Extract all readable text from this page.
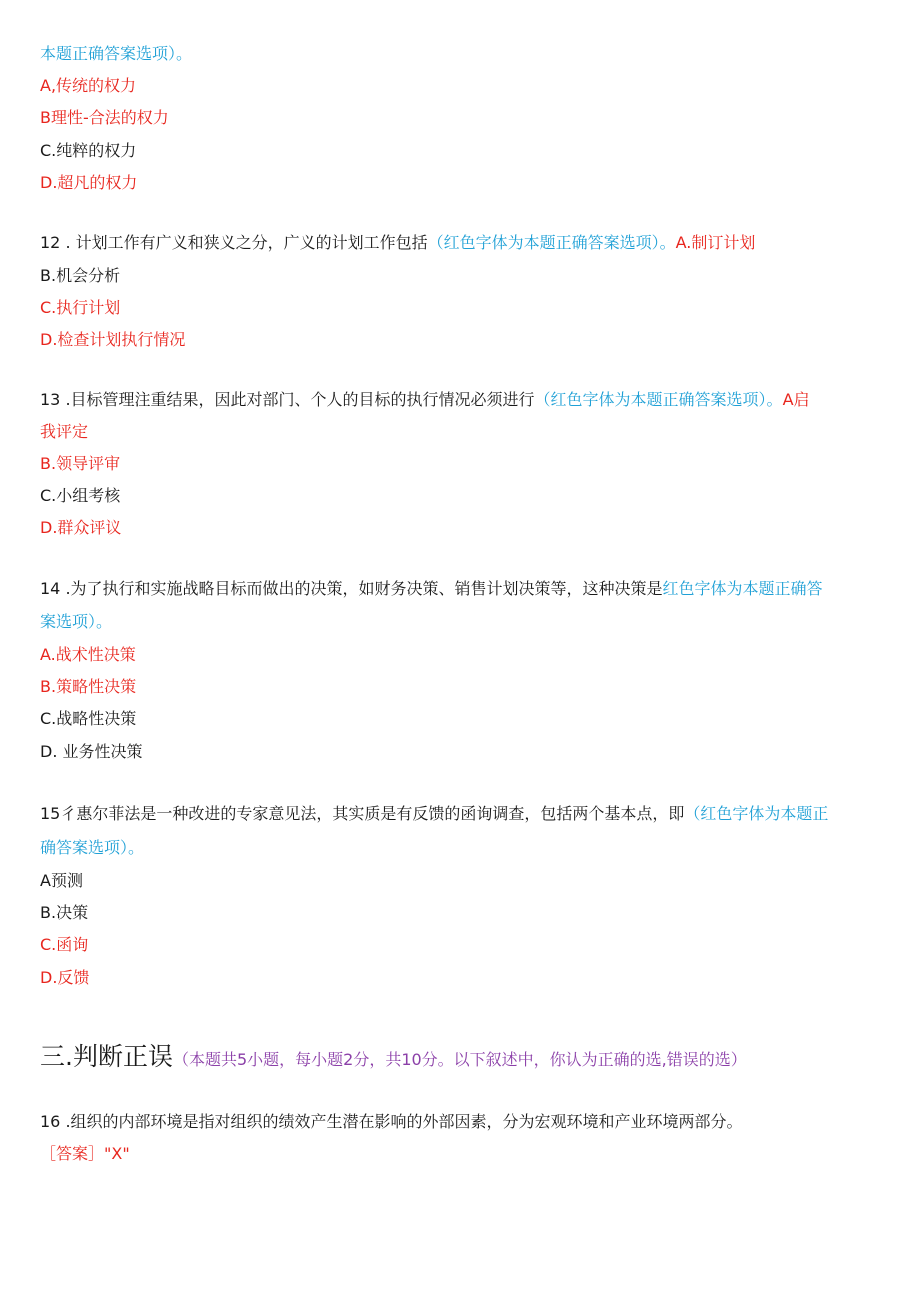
本题正确答案选项）。
A,传统的权力
B理性-合法的权力
C.纯粹的权力
D.超凡的权力
12 . 计划工作有广义和狭义之分，广义的计划工作包括（红色字体为本题正确答案选项）。A.制订计划
B.机会分析
C.执行计划
D.检查计划执行情况
13 .目标管理注重结果，因此对部门、个人的目标的执行情况必须进行（红色字体为本题正确答案选项）。A启
我评定
B.领导评审
C.小组考核
D.群众评议
14 .为了执行和实施战略目标而做出的决策，如财务决策、销售计划决策等，这种决策是红色字体为本题正确答
案选项）。
A.战术性决策
B.策略性决策
C.战略性决策
D. 业务性决策
15彳惠尔菲法是一种改进的专家意见法，其实质是有反馈的函询调查，包括两个基本点，即（红色字体为本题正
确答案选项）。
A预测
B.决策
C.函询
D.反馈
三.判断正误（本题共5小题，每小题2分，共10分。以下叙述中，你认为正确的选,错误的选）
16 .组织的内部环境是指对组织的绩效产生潜在影响的外部因素，分为宏观环境和产业环境两部分。
［答案］"X"
